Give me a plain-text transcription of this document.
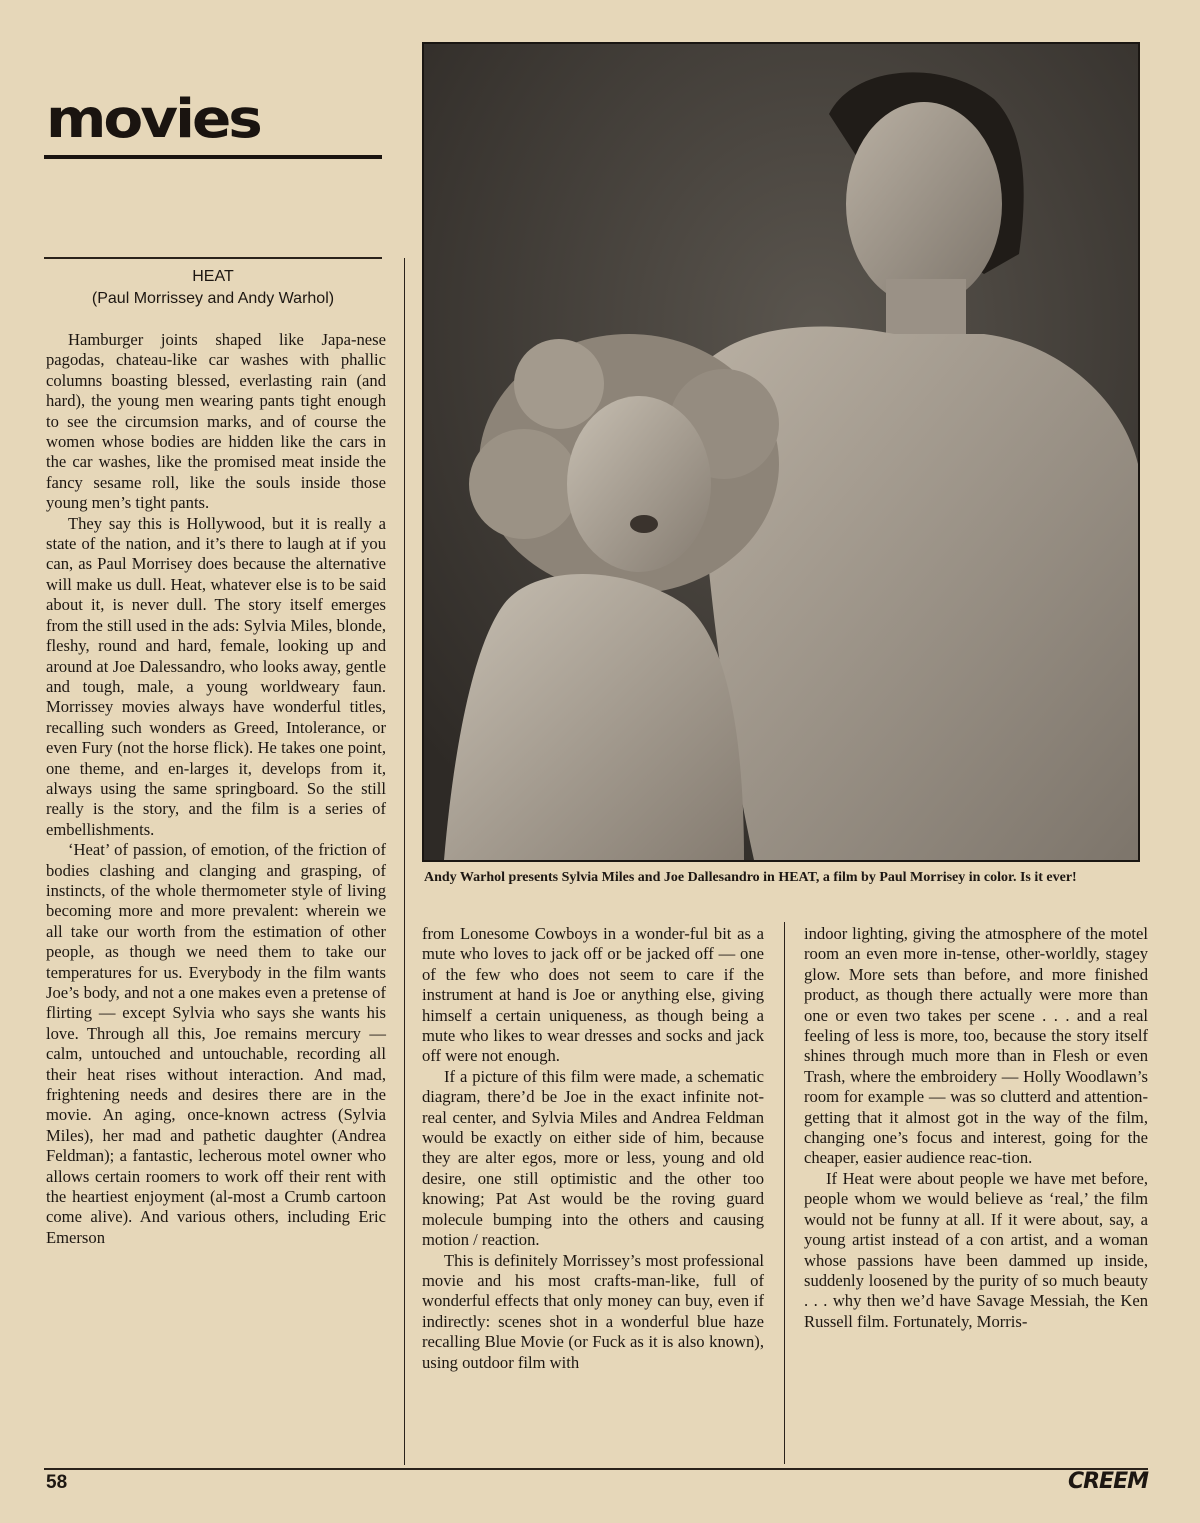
movies
HEAT
(Paul Morrissey and Andy Warhol)

Hamburger joints shaped like Japa-nese pagodas, chateau-like car washes with phallic columns boasting blessed, everlasting rain (and hard), the young men wearing pants tight enough to see the circumsion marks, and of course the women whose bodies are hidden like the cars in the car washes, like the promised meat inside the fancy sesame roll, like the souls inside those young men’s tight pants.

They say this is Hollywood, but it is really a state of the nation, and it’s there to laugh at if you can, as Paul Morrisey does because the alternative will make us dull. Heat, whatever else is to be said about it, is never dull. The story itself emerges from the still used in the ads: Sylvia Miles, blonde, fleshy, round and hard, female, looking up and around at Joe Dalessandro, who looks away, gentle and tough, male, a young worldweary faun. Morrissey movies always have wonderful titles, recalling such wonders as Greed, Intolerance, or even Fury (not the horse flick). He takes one point, one theme, and en-larges it, develops from it, always using the same springboard. So the still really is the story, and the film is a series of embellishments.

‘Heat’ of passion, of emotion, of the friction of bodies clashing and clanging and grasping, of instincts, of the whole thermometer style of living becoming more and more prevalent: wherein we all take our worth from the estimation of other people, as though we need them to take our temperatures for us. Everybody in the film wants Joe’s body, and not a one makes even a pretense of flirting — except Sylvia who says she wants his love. Through all this, Joe remains mercury — calm, untouched and untouchable, recording all their heat rises without interaction. And mad, frightening needs and desires there are in the movie. An aging, once-known actress (Sylvia Miles), her mad and pathetic daughter (Andrea Feldman); a fantastic, lecherous motel owner who allows certain roomers to work off their rent with the heartiest enjoyment (al-most a Crumb cartoon come alive). And various others, including Eric Emerson

Andy Warhol presents Sylvia Miles and Joe Dallesandro in HEAT, a film by Paul Morrisey in color. Is it ever!

from Lonesome Cowboys in a wonder-ful bit as a mute who loves to jack off or be jacked off — one of the few who does not seem to care if the instrument at hand is Joe or anything else, giving himself a certain uniqueness, as though being a mute who likes to wear dresses and socks and jack off were not enough.

If a picture of this film were made, a schematic diagram, there’d be Joe in the exact infinite not-real center, and Sylvia Miles and Andrea Feldman would be exactly on either side of him, because they are alter egos, more or less, young and old desire, one still optimistic and the other too knowing; Pat Ast would be the roving guard molecule bumping into the others and causing motion / reaction.

This is definitely Morrissey’s most professional movie and his most crafts-man-like, full of wonderful effects that only money can buy, even if indirectly: scenes shot in a wonderful blue haze recalling Blue Movie (or Fuck as it is also known), using outdoor film with

indoor lighting, giving the atmosphere of the motel room an even more in-tense, other-worldly, stagey glow. More sets than before, and more finished product, as though there actually were more than one or even two takes per scene . . . and a real feeling of less is more, too, because the story itself shines through much more than in Flesh or even Trash, where the embroidery — Holly Woodlawn’s room for example — was so clutterd and attention-getting that it almost got in the way of the film, changing one’s focus and interest, going for the cheaper, easier audience reac-tion.

If Heat were about people we have met before, people whom we would believe as ‘real,’ the film would not be funny at all. If it were about, say, a young artist instead of a con artist, and a woman whose passions have been dammed up inside, suddenly loosened by the purity of so much beauty . . . why then we’d have Savage Messiah, the Ken Russell film. Fortunately, Morris-

58	CREEM
